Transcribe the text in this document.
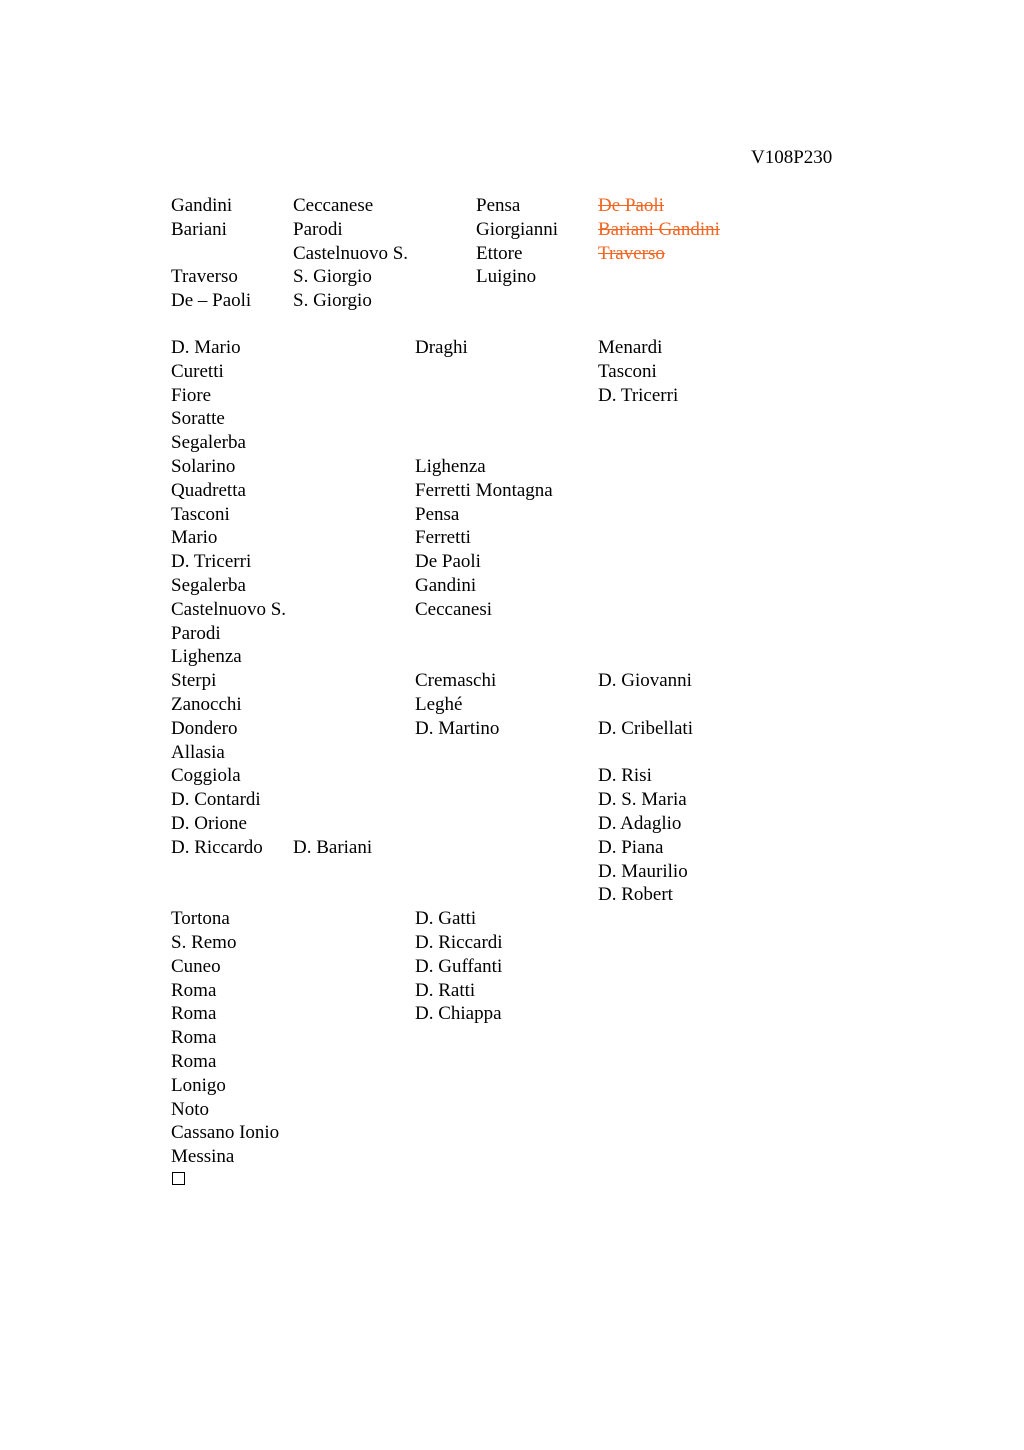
V108P230
Gandini
Bariani
Traverso
De – Paoli
Ceccanese
Parodi
Castelnuovo S.
S. Giorgio
S. Giorgio
Pensa
Giorgianni
Ettore
Luigino
De Paoli
Bariani Gandini
Traverso
D. Mario
Curetti
Fiore
Soratte
Segalerba
Solarino
Quadretta
Tasconi
Mario
D. Tricerri
Segalerba
Castelnuovo S.
Parodi
Lighenza
Sterpi
Zanocchi
Dondero
Allasia
Coggiola
D. Contardi
D. Orione
D. Riccardo
Tortona
S. Remo
Cuneo
Roma
Roma
Roma
Roma
Lonigo
Noto
Cassano Ionio
Messina
D. Bariani
Draghi
Lighenza
Ferretti Montagna
Pensa
Ferretti
De Paoli
Gandini
Ceccanesi
Cremaschi
Leghé
D. Martino
D. Gatti
D. Riccardi
D. Guffanti
D. Ratti
D. Chiappa
Menardi
Tasconi
D. Tricerri
D. Giovanni
D. Cribellati
D. Risi
D. S. Maria
D. Adaglio
D. Piana
D. Maurilio
D. Robert
